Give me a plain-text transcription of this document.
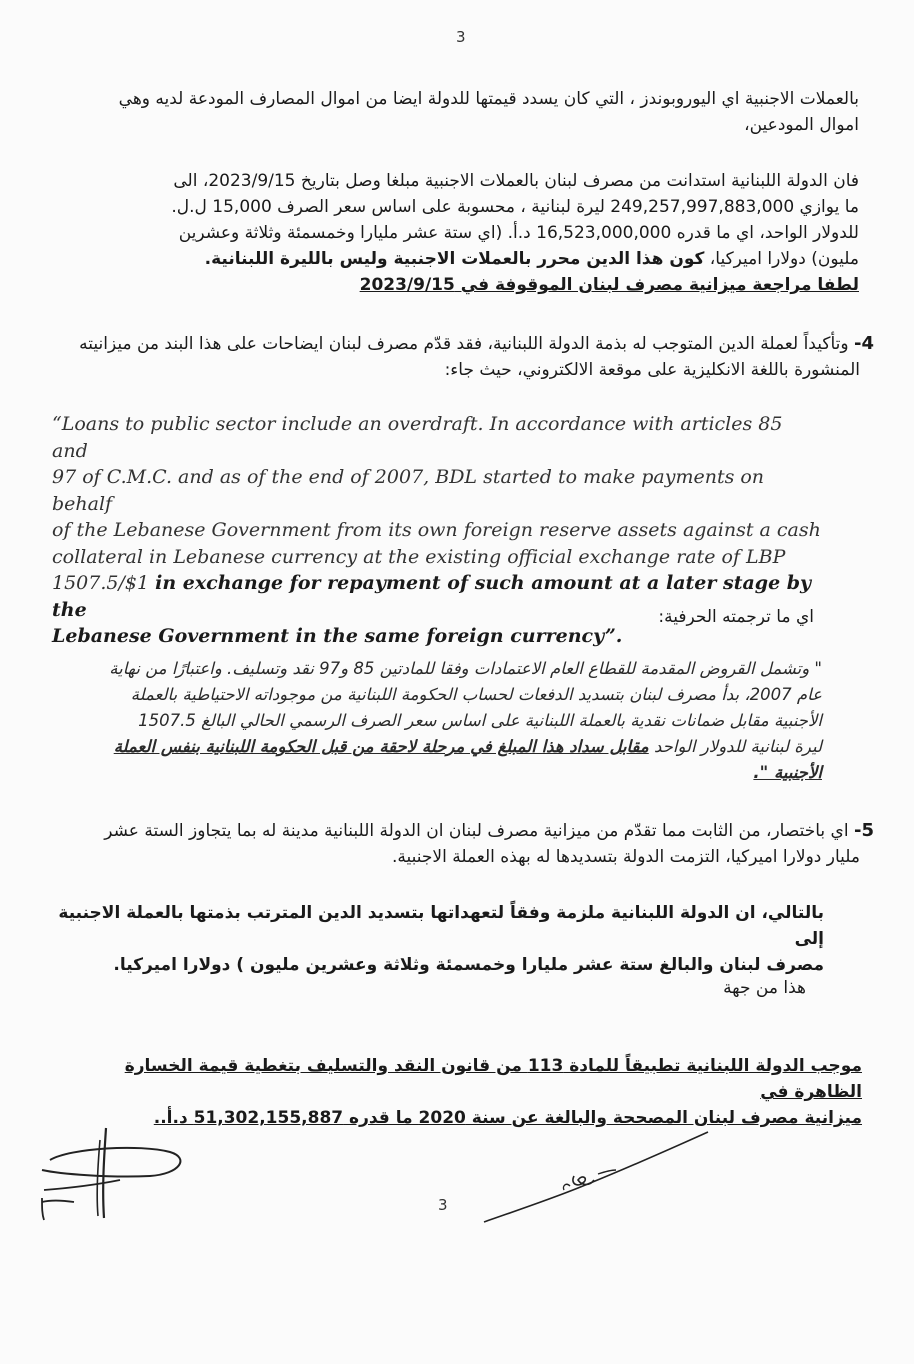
3

بالعملات الاجنبية اي اليوروبوندز ، التي كان يسدد قيمتها للدولة ايضا من اموال المصارف المودعة لديه وهي

اموال المودعين،

فان الدولة اللبنانية استدانت من مصرف لبنان بالعملات الاجنبية مبلغا وصل بتاريخ 2023/9/15، الى

ما يوازي 249,257,997,883,000 ليرة لبنانية ، محسوبة على اساس سعر الصرف 15,000 ل.ل.

للدولار الواحد، اي ما قدره 16,523,000,000 د.أ. (اي ستة عشر مليارا وخمسمئة وثلاثة وعشرين

مليون) دولارا اميركيا، كون هذا الدين محرر بالعملات الاجنبية وليس بالليرة اللبنانية.

لطفا مراجعة ميزانية مصرف لبنان الموقوفة في 2023/9/15

4- وتأكيداً لعملة الدين المتوجب له بذمة الدولة اللبنانية، فقد قدّم مصرف لبنان ايضاحات على هذا البند من ميزانيته

المنشورة باللغة الانكليزية على موقعة الالكتروني، حيث جاء:

“Loans to public sector include an overdraft. In accordance with articles 85 and
97 of C.M.C. and as of the end of 2007, BDL started to make payments on behalf
of the Lebanese Government from its own foreign reserve assets against a cash
collateral in Lebanese currency at the existing official exchange rate of LBP
1507.5/$1 in exchange for repayment of such amount at a later stage by the
Lebanese Government in the same foreign currency”.

اي ما ترجمته الحرفية:

" وتشمل القروض المقدمة للقطاع العام الاعتمادات وفقا للمادتين 85 و97 نقد وتسليف. واعتبارًا من نهاية

عام 2007، بدأ مصرف لبنان بتسديد الدفعات لحساب الحكومة اللبنانية من موجوداته الاحتياطية بالعملة

الأجنبية مقابل ضمانات نقدية بالعملة اللبنانية على اساس سعر الصرف الرسمي الحالي البالغ 1507.5

ليرة لبنانية للدولار الواحد مقابل سداد هذا المبلغ في مرحلة لاحقة من قبل الحكومة اللبنانية بنفس العملة

الأجنبية ".

5- اي باختصار، من الثابت مما تقدّم من ميزانية مصرف لبنان ان الدولة اللبنانية مدينة له بما يتجاوز الستة عشر

مليار دولارا اميركيا، التزمت الدولة بتسديدها له بهذه العملة الاجنبية.

بالتالي، ان الدولة اللبنانية ملزمة وفقاً لتعهداتها بتسديد الدين المترتب بذمتها بالعملة الاجنبية إلى

مصرف لبنان والبالغ ستة عشر مليارا وخمسمئة وثلاثة وعشرين مليون ) دولارا اميركيا.

هذا من جهة

موجب الدولة اللبنانية تطبيقاً للمادة 113 من قانون النقد والتسليف بتغطية قيمة الخسارة الظاهرة في

ميزانية مصرف لبنان المصححة والبالغة عن سنة 2020 ما قدره 51,302,155,887 د.أ..

3
